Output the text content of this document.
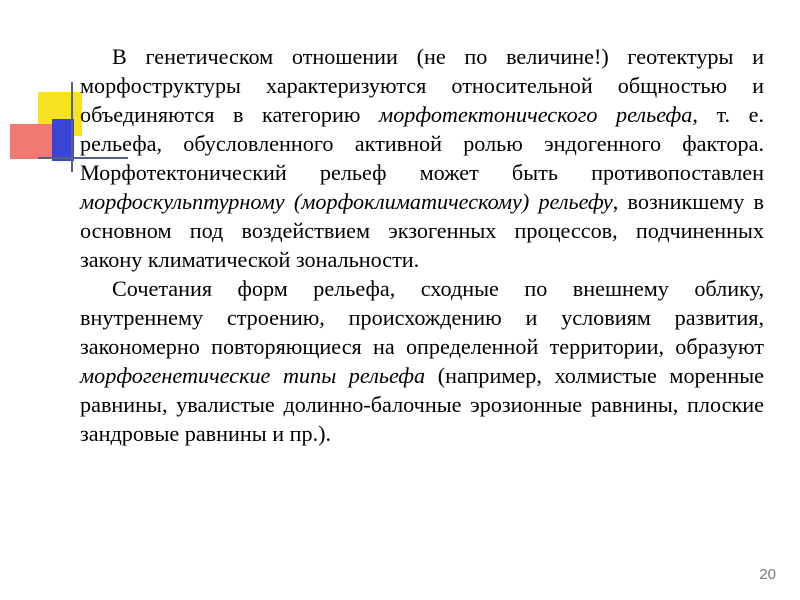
В генетическом отношении (не по величине!) геотектуры и морфоструктуры характеризуются относительной общностью и объединяются в категорию морфотектонического рельефа, т. е. рельефа, обусловленного активной ролью эндогенного фактора. Морфотектонический рельеф может быть противопоставлен морфоскульптурному (морфоклиматическому) рельефу, возникшему в основном под воздействием экзогенных процессов, подчиненных закону климатической зональности.

Сочетания форм рельефа, сходные по внешнему облику, внутреннему строению, происхождению и условиям развития, закономерно повторяющиеся на определенной территории, образуют морфогенетические типы рельефа (например, холмистые моренные равнины, увалистые долинно-балочные эрозионные равнины, плоские зандровые равнины и пр.).

20
